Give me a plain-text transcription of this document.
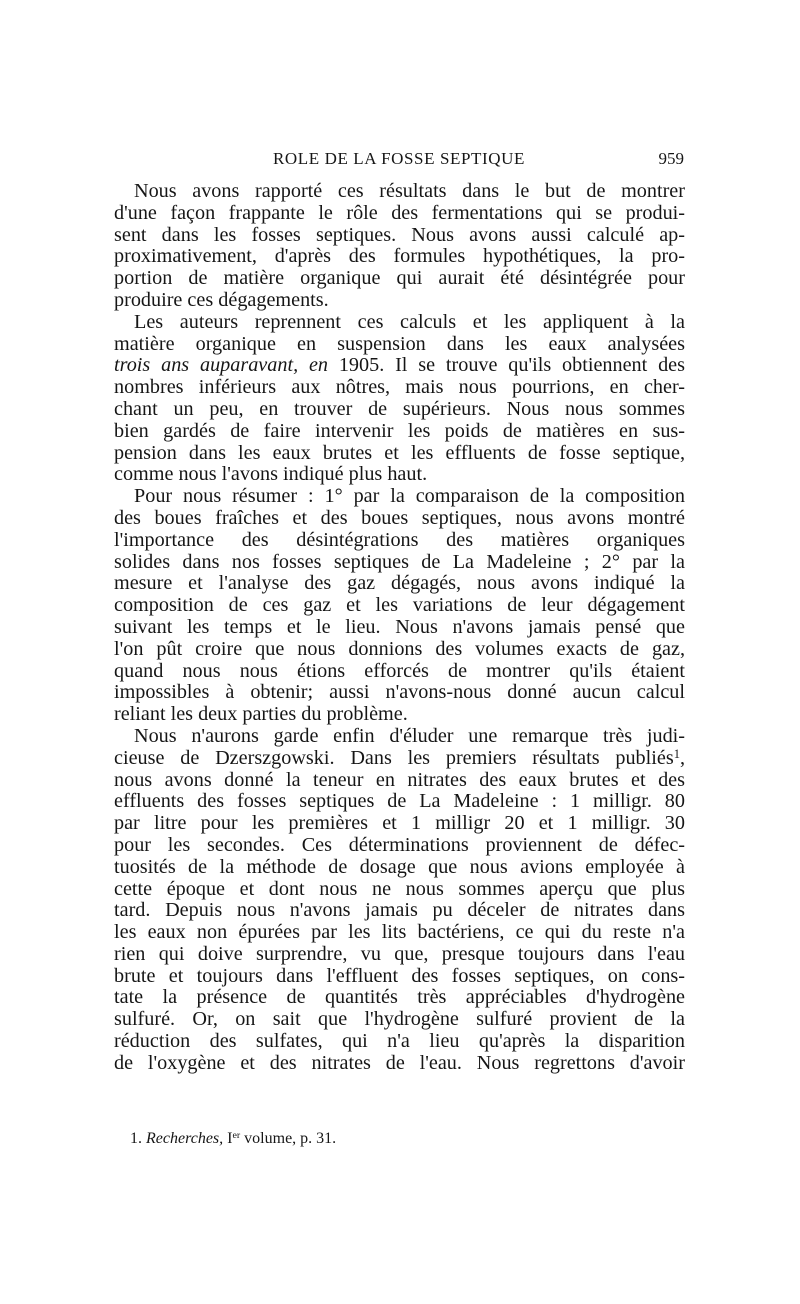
ROLE DE LA FOSSE SEPTIQUE	959
Nous avons rapporté ces résultats dans le but de montrer
d'une façon frappante le rôle des fermentations qui se produi-
sent dans les fosses septiques. Nous avons aussi calculé ap-
proximativement, d'après des formules hypothétiques, la pro-
portion de matière organique qui aurait été désintégrée pour
produire ces dégagements.
Les auteurs reprennent ces calculs et les appliquent à la
matière organique en suspension dans les eaux analysées
trois ans auparavant, en 1905. Il se trouve qu'ils obtiennent des
nombres inférieurs aux nôtres, mais nous pourrions, en cher-
chant un peu, en trouver de supérieurs. Nous nous sommes
bien gardés de faire intervenir les poids de matières en sus-
pension dans les eaux brutes et les effluents de fosse septique,
comme nous l'avons indiqué plus haut.
Pour nous résumer : 1° par la comparaison de la composition
des boues fraîches et des boues septiques, nous avons montré
l'importance des désintégrations des matières organiques
solides dans nos fosses septiques de La Madeleine ; 2° par la
mesure et l'analyse des gaz dégagés, nous avons indiqué la
composition de ces gaz et les variations de leur dégagement
suivant les temps et le lieu. Nous n'avons jamais pensé que
l'on pût croire que nous donnions des volumes exacts de gaz,
quand nous nous étions efforcés de montrer qu'ils étaient
impossibles à obtenir; aussi n'avons-nous donné aucun calcul
reliant les deux parties du problème.
Nous n'aurons garde enfin d'éluder une remarque très judi-
cieuse de Dzerszgowski. Dans les premiers résultats publiés$^1$,
nous avons donné la teneur en nitrates des eaux brutes et des
effluents des fosses septiques de La Madeleine : 1 milligr. 80
par litre pour les premières et 1 milligr 20 et 1 milligr. 30
pour les secondes. Ces déterminations proviennent de défec-
tuosités de la méthode de dosage que nous avions employée à
cette époque et dont nous ne nous sommes aperçu que plus
tard. Depuis nous n'avons jamais pu déceler de nitrates dans
les eaux non épurées par les lits bactériens, ce qui du reste n'a
rien qui doive surprendre, vu que, presque toujours dans l'eau
brute et toujours dans l'effluent des fosses septiques, on cons-
tate la présence de quantités très appréciables d'hydrogène
sulfuré. Or, on sait que l'hydrogène sulfuré provient de la
réduction des sulfates, qui n'a lieu qu'après la disparition
de l'oxygène et des nitrates de l'eau. Nous regrettons d'avoir
1. Recherches, Ier volume, p. 31.
